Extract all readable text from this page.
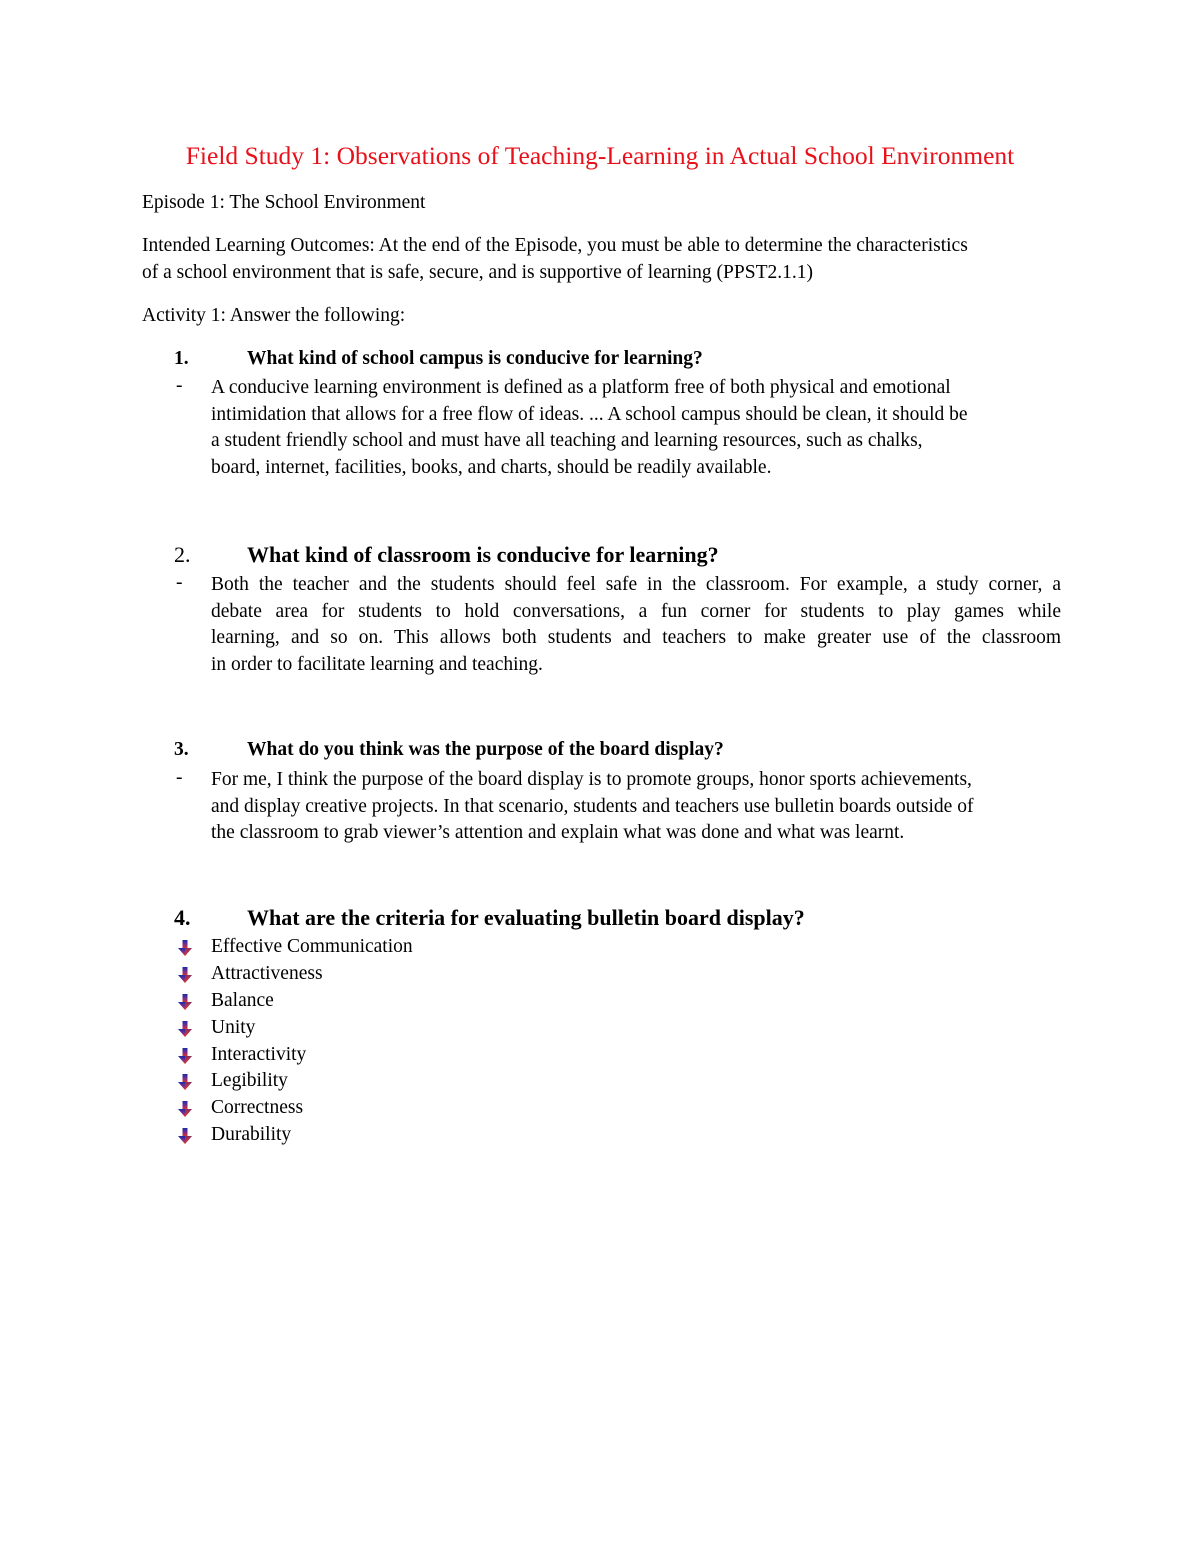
Field Study 1: Observations of Teaching-Learning in Actual School Environment
Episode 1: The School Environment
Intended Learning Outcomes: At the end of the Episode, you must be able to determine the characteristics
of a school environment that is safe, secure, and is supportive of learning (PPST2.1.1)
Activity 1: Answer the following:
1.	What kind of school campus is conducive for learning?
- A conducive learning environment is defined as a platform free of both physical and emotional
intimidation that allows for a free flow of ideas. ... A school campus should be clean, it should be
a student friendly school and must have all teaching and learning resources, such as chalks,
board, internet, facilities, books, and charts, should be readily available.
2.	What kind of classroom is conducive for learning?
- Both the teacher and the students should feel safe in the classroom. For example, a study corner, a
debate area for students to hold conversations, a fun corner for students to play games while
learning, and so on. This allows both students and teachers to make greater use of the classroom
in order to facilitate learning and teaching.
3.	What do you think was the purpose of the board display?
- For me, I think the purpose of the board display is to promote groups, honor sports achievements,
and display creative projects. In that scenario, students and teachers use bulletin boards outside of
the classroom to grab viewer’s attention and explain what was done and what was learnt.
4.	What are the criteria for evaluating bulletin board display?
Effective Communication
Attractiveness
Balance
Unity
Interactivity
Legibility
Correctness
Durability
